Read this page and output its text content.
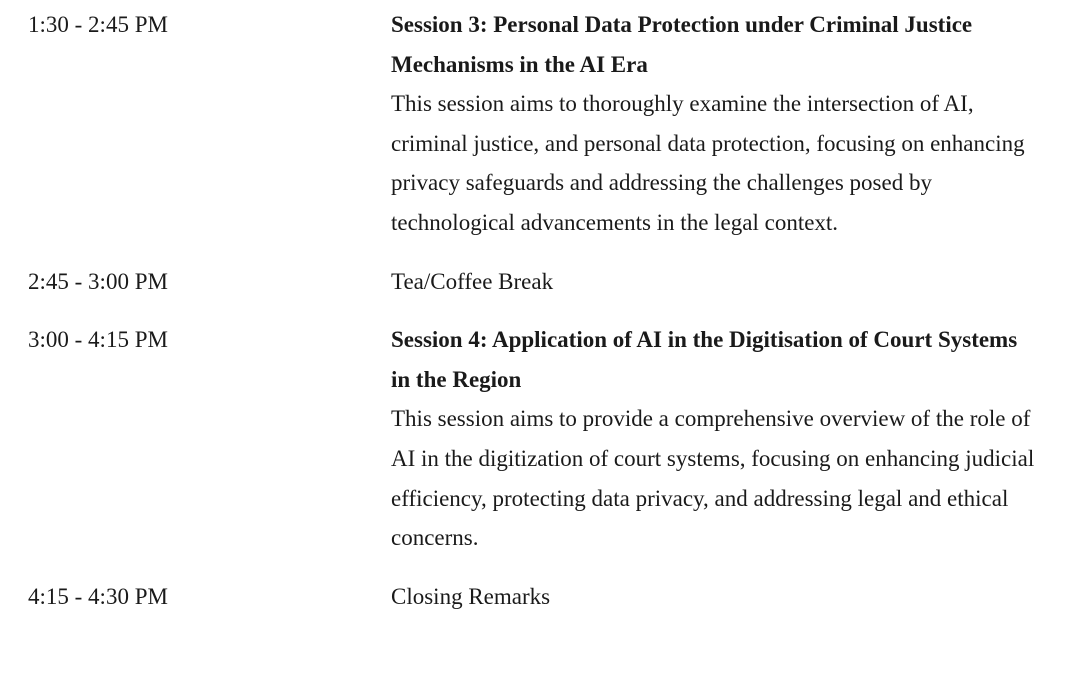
1:30 - 2:45 PM	Session 3: Personal Data Protection under Criminal Justice Mechanisms in the AI Era
This session aims to thoroughly examine the intersection of AI, criminal justice, and personal data protection, focusing on enhancing privacy safeguards and addressing the challenges posed by technological advancements in the legal context.
2:45 - 3:00 PM	Tea/Coffee Break
3:00 - 4:15 PM	Session 4: Application of AI in the Digitisation of Court Systems in the Region
This session aims to provide a comprehensive overview of the role of AI in the digitization of court systems, focusing on enhancing judicial efficiency, protecting data privacy, and addressing legal and ethical concerns.
4:15 - 4:30 PM	Closing Remarks
